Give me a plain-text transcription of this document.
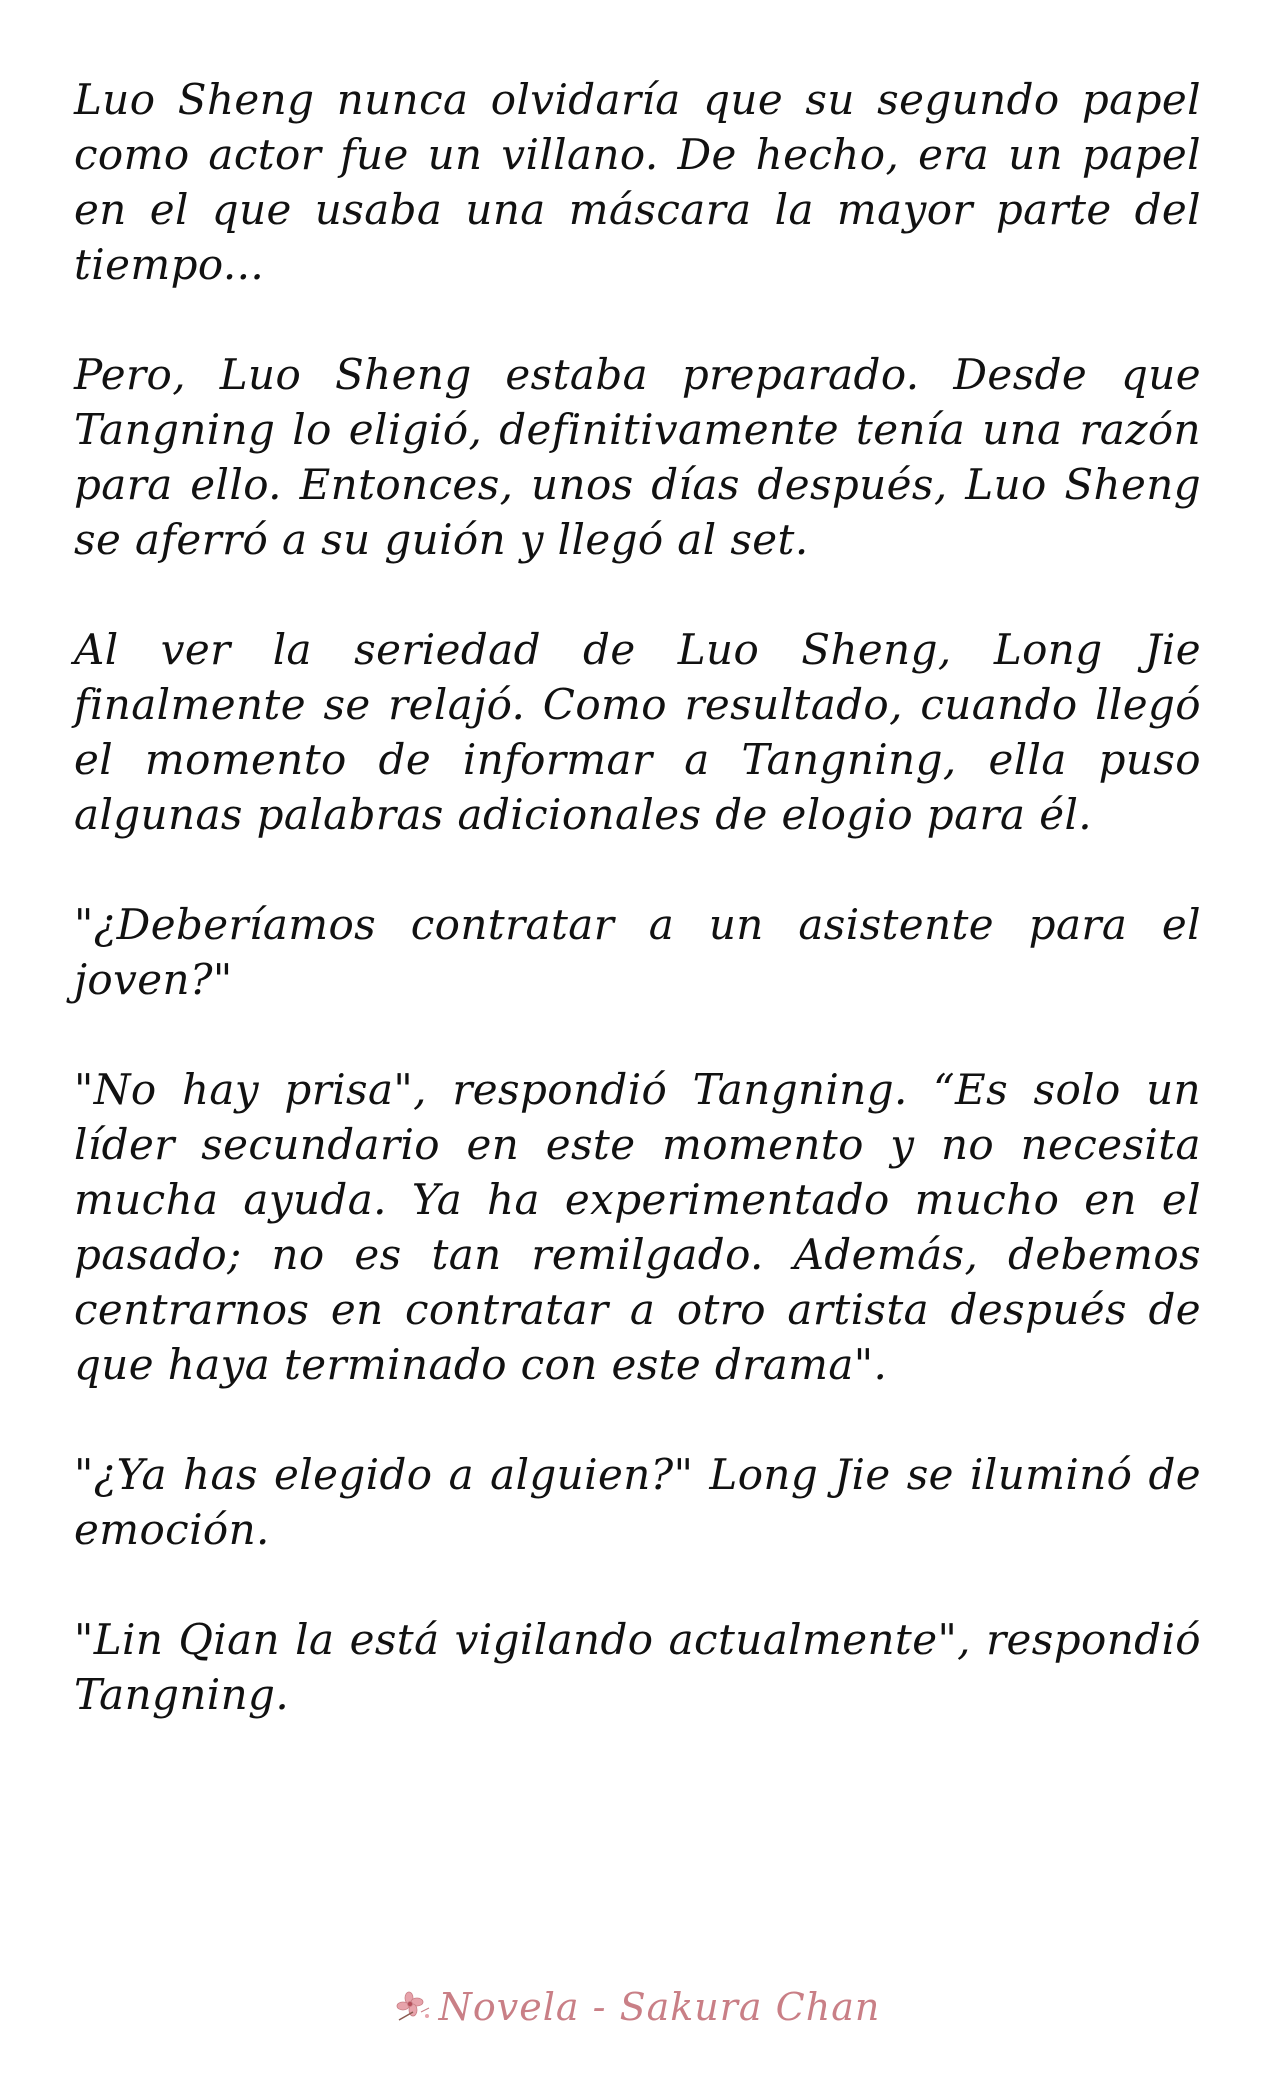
Luo Sheng nunca olvidaría que su segundo papel como actor fue un villano. De hecho, era un papel en el que usaba una máscara la mayor parte del tiempo...

Pero, Luo Sheng estaba preparado. Desde que Tangning lo eligió, definitivamente tenía una razón para ello. Entonces, unos días después, Luo Sheng se aferró a su guión y llegó al set.

Al ver la seriedad de Luo Sheng, Long Jie finalmente se relajó. Como resultado, cuando llegó el momento de informar a Tangning, ella puso algunas palabras adicionales de elogio para él.

"¿Deberíamos contratar a un asistente para el joven?"

"No hay prisa", respondió Tangning. “Es solo un líder secundario en este momento y no necesita mucha ayuda. Ya ha experimentado mucho en el pasado; no es tan remilgado. Además, debemos centrarnos en contratar a otro artista después de que haya terminado con este drama".

"¿Ya has elegido a alguien?" Long Jie se iluminó de emoción.

"Lin Qian la está vigilando actualmente", respondió Tangning.

Novela - Sakura Chan
